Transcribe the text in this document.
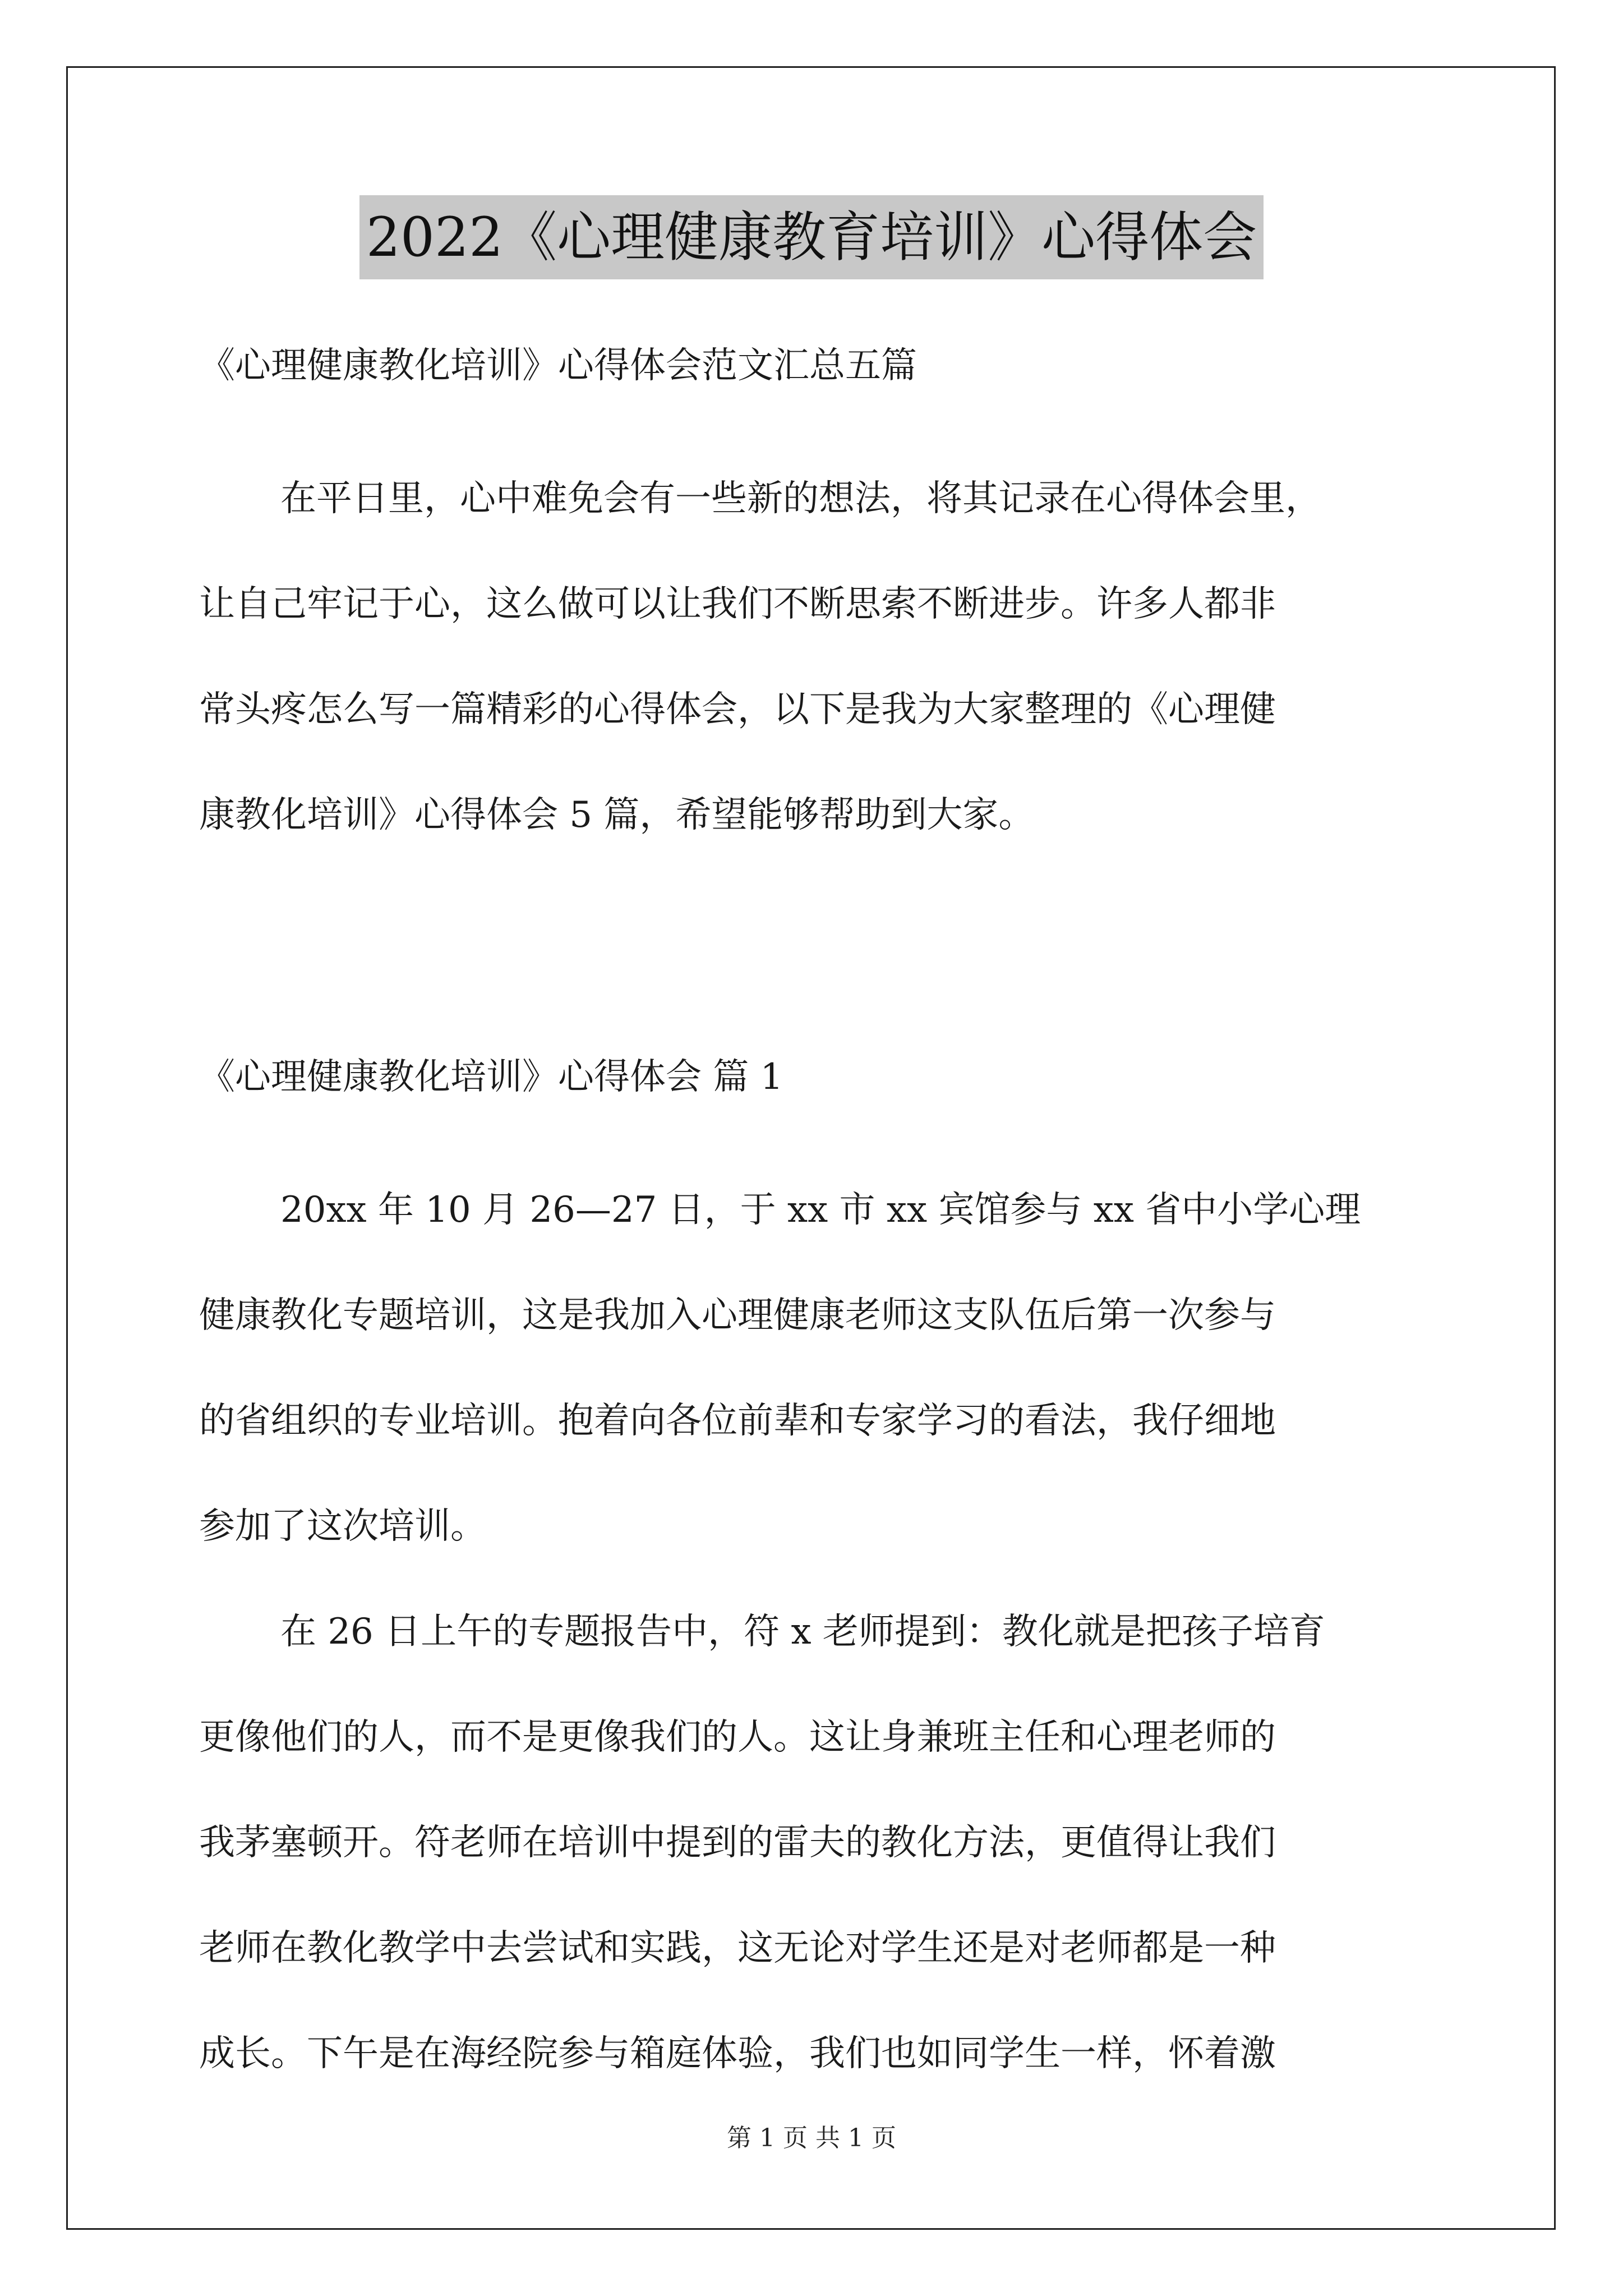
2022《心理健康教育培训》心得体会

《心理健康教化培训》心得体会范文汇总五篇

在平日里，心中难免会有一些新的想法，将其记录在心得体会里，
让自己牢记于心，这么做可以让我们不断思索不断进步。许多人都非
常头疼怎么写一篇精彩的心得体会，以下是我为大家整理的《心理健
康教化培训》心得体会 5 篇，希望能够帮助到大家。

《心理健康教化培训》心得体会 篇 1

20xx 年 10 月 26—27 日，于 xx 市 xx 宾馆参与 xx 省中小学心理
健康教化专题培训，这是我加入心理健康老师这支队伍后第一次参与
的省组织的专业培训。抱着向各位前辈和专家学习的看法，我仔细地
参加了这次培训。

在 26 日上午的专题报告中，符 x 老师提到：教化就是把孩子培育
更像他们的人，而不是更像我们的人。这让身兼班主任和心理老师的
我茅塞顿开。符老师在培训中提到的雷夫的教化方法，更值得让我们
老师在教化教学中去尝试和实践，这无论对学生还是对老师都是一种
成长。下午是在海经院参与箱庭体验，我们也如同学生一样，怀着激

第 1 页 共 1 页
